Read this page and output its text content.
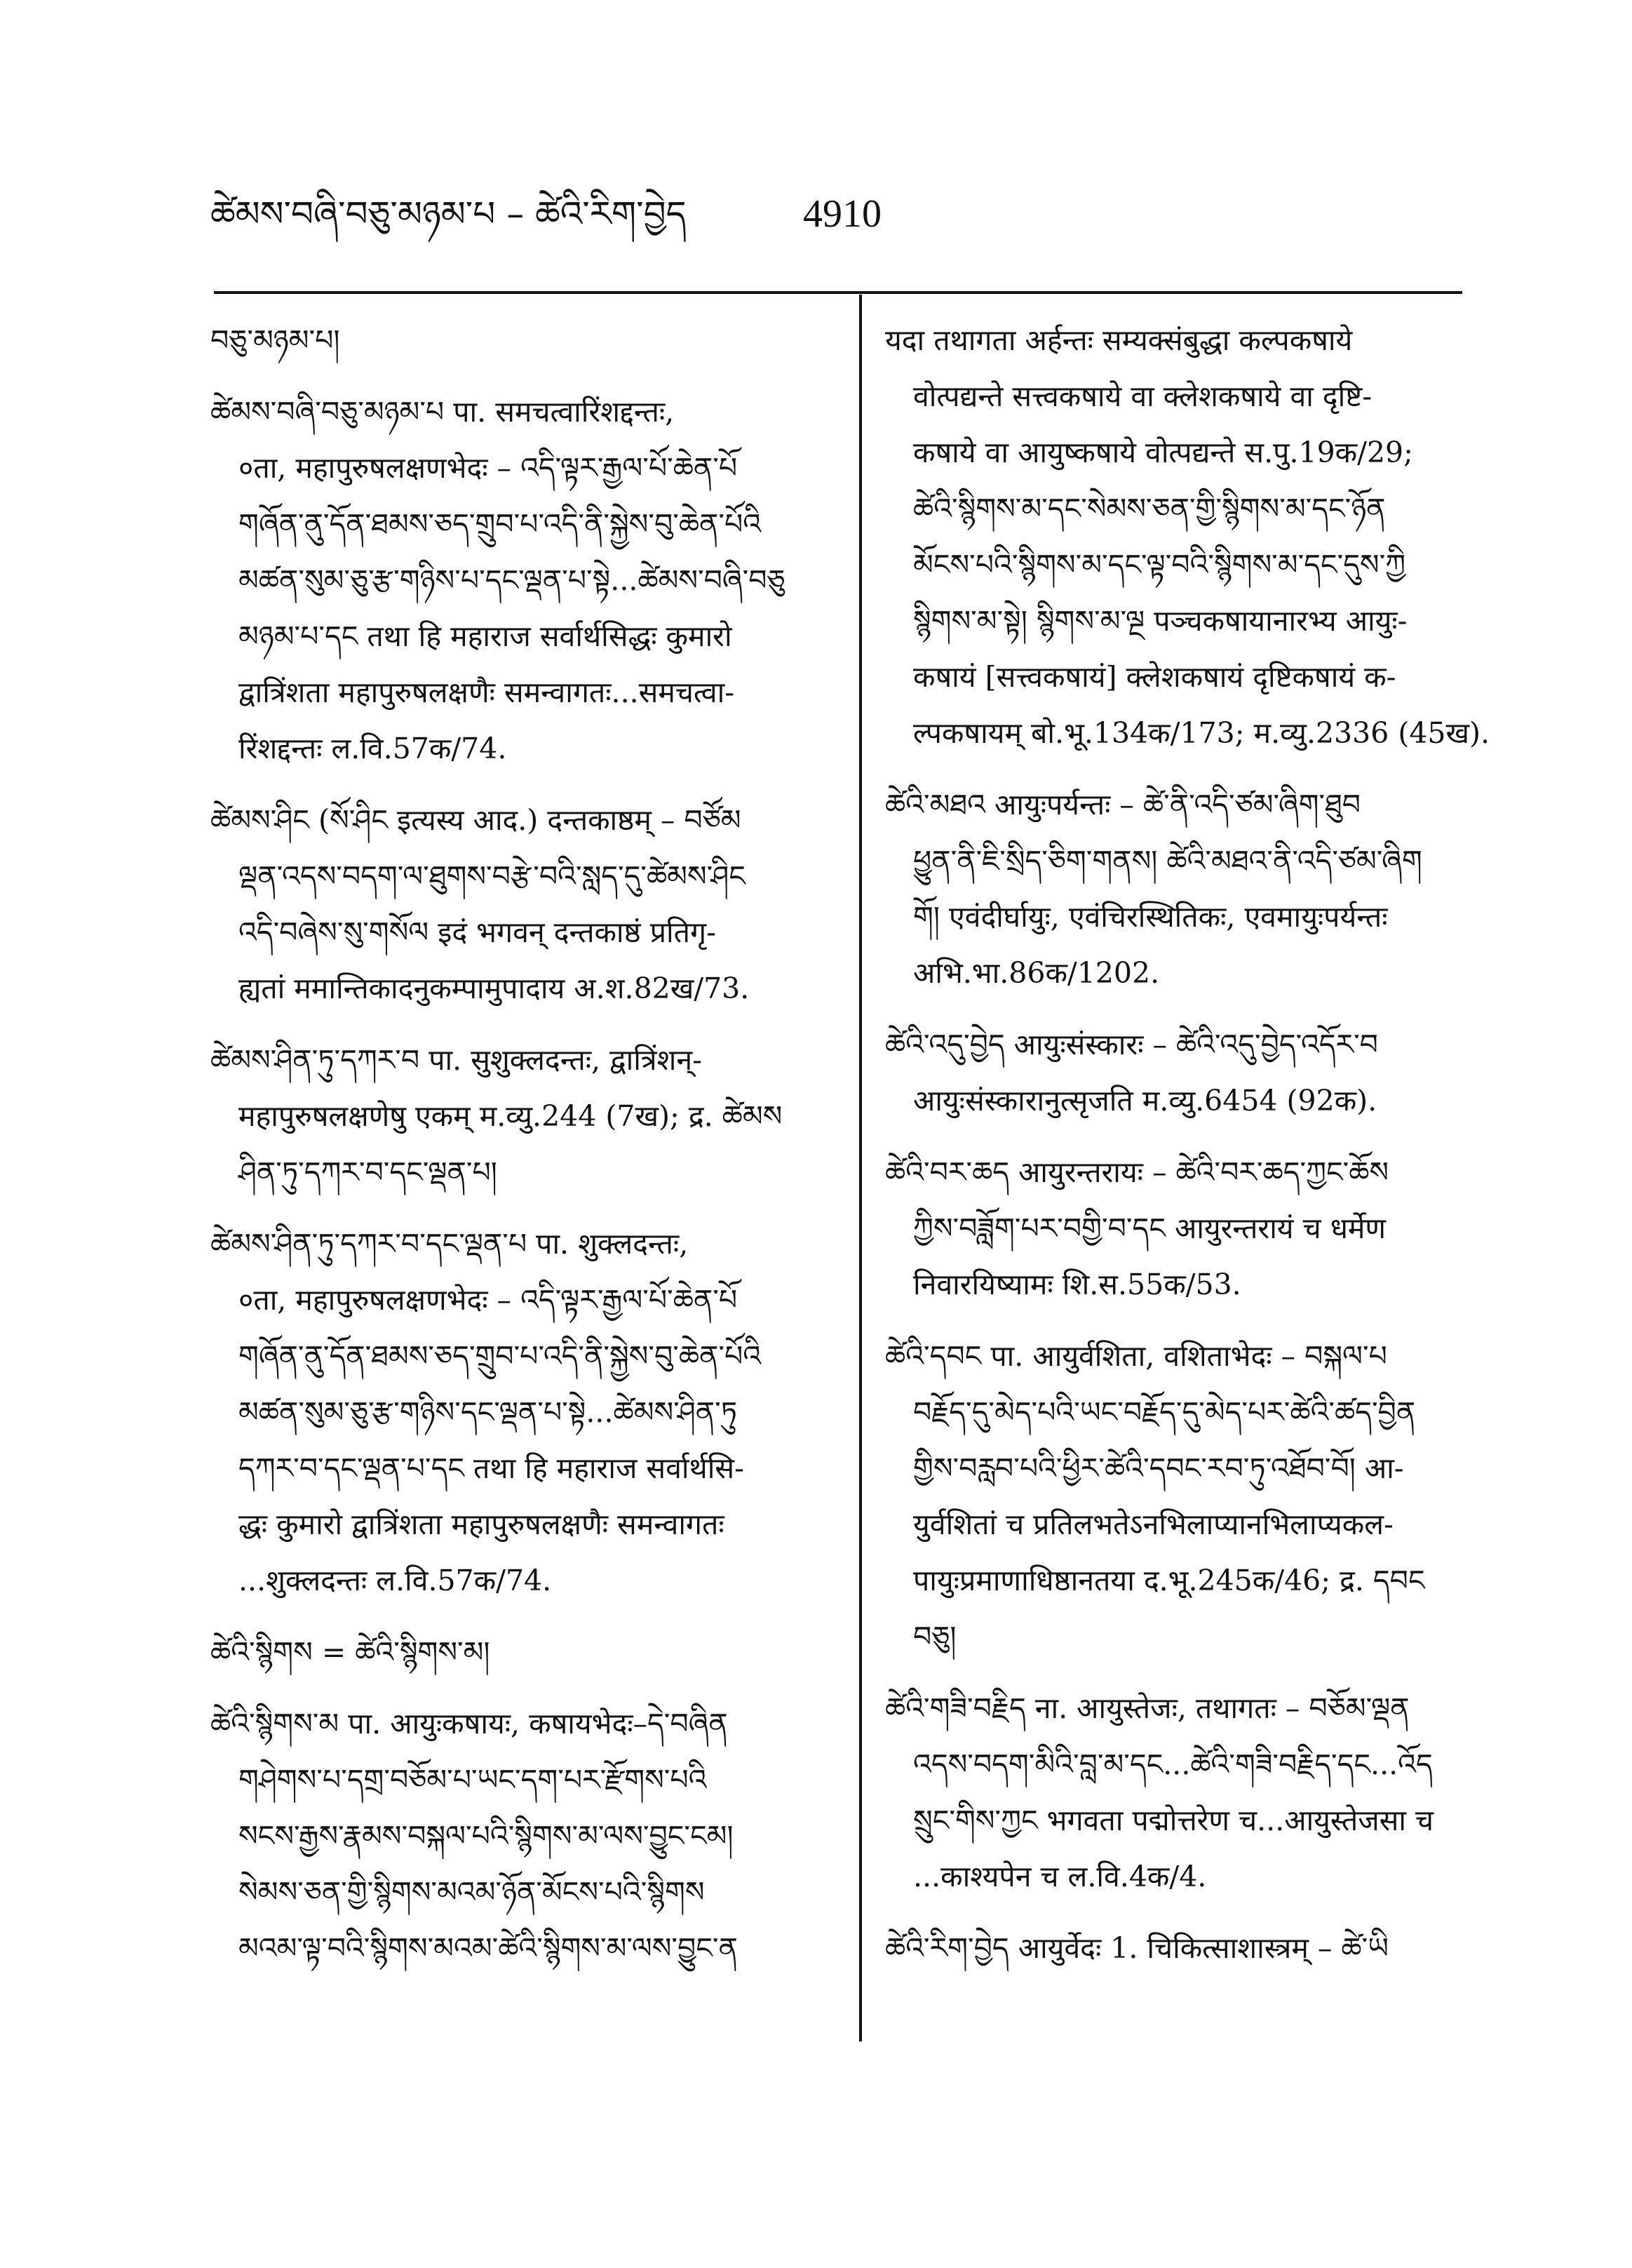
ཚེམས་བཞི་བཅུ་མཉམ་པ – ཚེའི་རིག་བྱེད	4910
བཅུ་མཉམ་པ།
ཚེམས་བཞི་བཅུ་མཉམ་པ पा. समचत्वारिंशद्दन्तः,
०ता, महापुरुषलक्षणभेदः – འདི་ལྟར་རྒྱལ་པོ་ཆེན་པོ
གཞོན་ནུ་དོན་ཐམས་ཅད་གྲུབ་པ་འདི་ནི་སྐྱེས་བུ་ཆེན་པོའི
མཚན་སུམ་ཅུ་རྩ་གཉིས་པ་དང་ལྡན་པ་སྟེ...ཚེམས་བཞི་བཅུ
མཉམ་པ་དང तथा हि महाराज सर्वार्थसिद्धः कुमारो
द्वात्रिंशता महापुरुषलक्षणैः समन्वागतः...समचत्वा-
रिंशद्दन्तः ल.वि.57क/74.
ཚེམས་ཤིང (སོ་ཤིང इत्यस्य आद.) दन्तकाष्ठम् – བཙོམ
ལྡན་འདས་བདག་ལ་ཐུགས་བརྩེ་བའི་སླད་དུ་ཚེམས་ཤིང
འདི་བཞེས་སུ་གསོལ इदं भगवन् दन्तकाष्ठं प्रतिगृ-
ह्यतां ममान्तिकादनुकम्पामुपादाय अ.श.82ख/73.
ཚེམས་ཤིན་ཏུ་དཀར་བ पा. सुशुक्लदन्तः, द्वात्रिंशन्-
महापुरुषलक्षणेषु एकम् म.व्यु.244 (7ख); द्र. ཚེམས
ཤིན་ཏུ་དཀར་བ་དང་ལྡན་པ།
ཚེམས་ཤིན་ཏུ་དཀར་བ་དང་ལྡན་པ पा. शुक्लदन्तः,
०ता, महापुरुषलक्षणभेदः – འདི་ལྟར་རྒྱལ་པོ་ཆེན་པོ
གཞོན་ནུ་དོན་ཐམས་ཅད་གྲུབ་པ་འདི་ནི་སྐྱེས་བུ་ཆེན་པོའི
མཚན་སུམ་ཅུ་རྩ་གཉིས་དང་ལྡན་པ་སྟེ...ཚེམས་ཤིན་ཏུ
དཀར་བ་དང་ལྡན་པ་དང तथा हि महाराज सर्वार्थसि-
द्धः कुमारो द्वात्रिंशता महापुरुषलक्षणैः समन्वागतः
...शुक्लदन्तः ल.वि.57क/74.
ཚེའི་སྙིགས = ཚེའི་སྙིགས་མ།
ཚེའི་སྙིགས་མ पा. आयुःकषायः, कषायभेदः–དེ་བཞིན
གཤེགས་པ་དགྲ་བཅོམ་པ་ཡང་དག་པར་རྫོགས་པའི
སངས་རྒྱས་རྣམས་བསྐལ་པའི་སྙིགས་མ་ལས་བྱུང་ངམ།
སེམས་ཅན་གྱི་སྙིགས་མའམ་ཉོན་མོངས་པའི་སྙིགས
མའམ་ལྟ་བའི་སྙིགས་མའམ་ཚེའི་སྙིགས་མ་ལས་བྱུང་ན
यदा तथागता अर्हन्तः सम्यक्संबुद्धा कल्पकषाये
वोत्पद्यन्ते सत्त्वकषाये वा क्लेशकषाये वा दृष्टि-
कषाये वा आयुष्कषाये वोत्पद्यन्ते स.पु.19क/29;
ཚེའི་སྙིགས་མ་དང་སེམས་ཅན་གྱི་སྙིགས་མ་དང་ཉོན
མོངས་པའི་སྙིགས་མ་དང་ལྟ་བའི་སྙིགས་མ་དང་དུས་ཀྱི
སྙིགས་མ་སྟེ། སྙིགས་མ་ལྔ पञ्चकषायानारभ्य आयुः-
कषायं [सत्त्वकषायं] क्लेशकषायं दृष्टिकषायं क-
ल्पकषायम् बो.भू.134क/173; म.व्यु.2336 (45ख).
ཚེའི་མཐའ आयुःपर्यन्तः – ཚེ་ནི་འདི་ཙམ་ཞིག་ཐུབ
ཕྱུན་ནི་ཇི་སྲིད་ཅིག་གནས། ཚེའི་མཐའ་ནི་འདི་ཙམ་ཞིག
གོ། एवंदीर्घायुः, एवंचिरस्थितिकः, एवमायुःपर्यन्तः
अभि.भा.86क/1202.
ཚེའི་འདུ་བྱེད आयुःसंस्कारः – ཚེའི་འདུ་བྱེད་འདོར་བ
आयुःसंस्कारानुत्सृजति म.व्यु.6454 (92क).
ཚེའི་བར་ཆད आयुरन्तरायः – ཚེའི་བར་ཆད་ཀྱང་ཆོས
ཀྱིས་བཟློག་པར་བགྱི་བ་དང आयुरन्तरायं च धर्मेण
निवारयिष्यामः शि.स.55क/53.
ཚེའི་དབང पा. आयुर्वशिता, वशिताभेदः – བསྐལ་པ
བརྗོད་དུ་མེད་པའི་ཡང་བརྗོད་དུ་མེད་པར་ཚེའི་ཚད་བྱིན
གྱིས་བརླབ་པའི་ཕྱིར་ཚེའི་དབང་རབ་ཏུ་འཐོབ་བོ། आ-
युर्वशितां च प्रतिलभतेऽनभिलाप्यानभिलाप्यकल-
पायुःप्रमाणाधिष्ठानतया द.भू.245क/46; द्र. དབང
བཅུ།
ཚེའི་གཟི་བརྗིད ना. आयुस्तेजः, तथागतः – བཅོམ་ལྡན
འདས་བདག་མིའི་བླ་མ་དང...ཚེའི་གཟི་བརྗིད་དང...འོད
སྲུང་གིས་ཀྱང भगवता पद्मोत्तरेण च...आयुस्तेजसा च
...काश्यपेन च ल.वि.4क/4.
ཚེའི་རིག་བྱེད आयुर्वेदः 1. चिकित्साशास्त्रम् – ཚེ་ཡི
